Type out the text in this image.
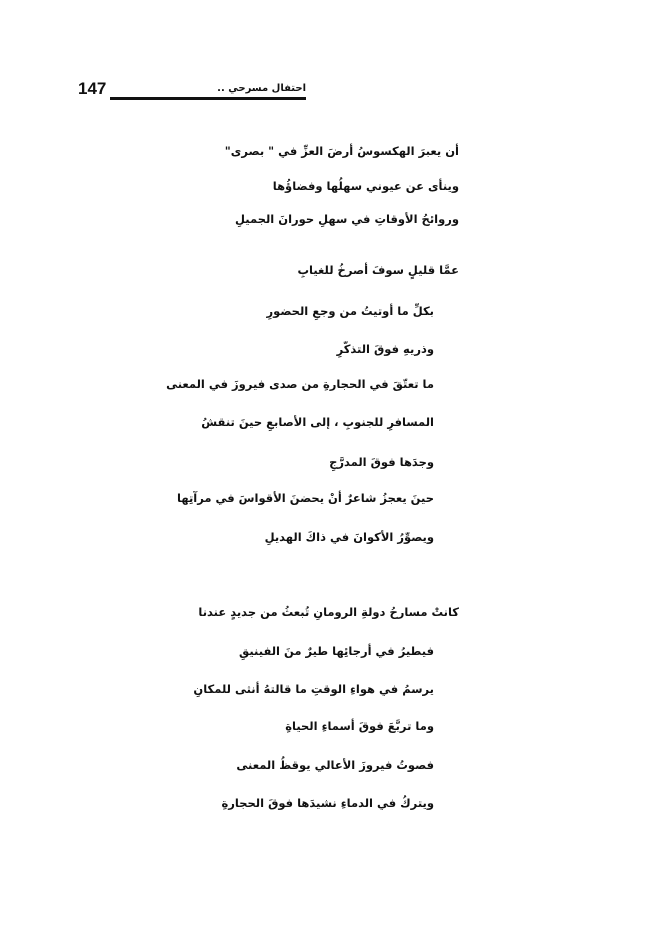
147	احتفال مسرحي ..
أن يعبرَ الهكسوسُ أرضَ العزِّ في " بصرى"
وينأى عن عيوني سهلُها وفضاؤُها
وروائحُ الأوقاتِ في سهلِ حورانَ الجميلِ
عمَّا قليلٍ سوفَ أصرخُ للغيابِ
بكلِّ ما أوتيتُ من وجعِ الحضورِ
وذريهِ فوقَ التذكّرِ
ما تعتّقَ في الحجارةِ من صدى فيروزَ في المعنى
المسافرِ للجنوبِ ، إلى الأصابعِ حينَ تنقشُ
وجدَها فوقَ المدرَّجِ
حينَ يعجزُ شاعرٌ أنْ يحضنَ الأقواسَ في مرآتِها
ويصوِّرُ الأكوانَ في ذاكَ الهديلِ
كانتْ مسارحُ دولةِ الرومانِ تُبعثُ من جديدٍ عندنا
فيطيرُ في أرجائِها طيرٌ منَ الفينيقِ
يرسمُ في هواءِ الوقتِ ما قالتهُ أنثى للمكانِ
وما تربَّعَ فوقَ أسماءِ الحياةِ
فصوتُ فيروزَ الأعالي يوقظُ المعنى
ويتركُ في الدماءِ نشيدَها فوقَ الحجارةِ
